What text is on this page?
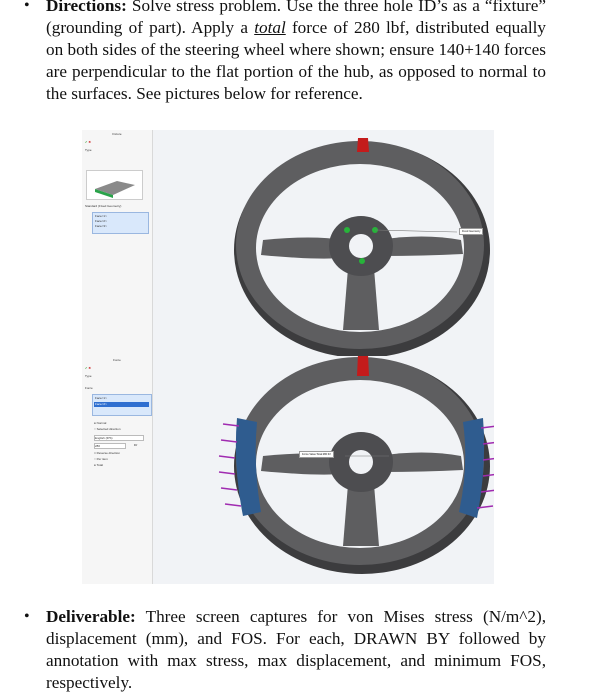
• Directions: Solve stress problem. Use the three hole ID’s as a “fixture” (grounding of part). Apply a total force of 280 lbf, distributed equally on both sides of the steering wheel where shown; ensure 140+140 forces are perpendicular to the flat portion of the hub, as opposed to normal to the surfaces. See pictures below for reference.
Fixture
✔ ✖
Type
Standard (Fixed Geometry)
Face<1>
Face<2>
Face<3>
Fixed Geometry
Force
✔ ✖
Type
Force
Face<1>
Face<2>
● Normal
○ Selected direction
English (IPS)
280	lbf
□ Reverse direction
○ Per item
● Total
Force Value:Total:280 lbf
• Deliverable: Three screen captures for von Mises stress (N/m^2), displacement (mm), and FOS. For each, DRAWN BY followed by annotation with max stress, max displacement, and minimum FOS, respectively.
